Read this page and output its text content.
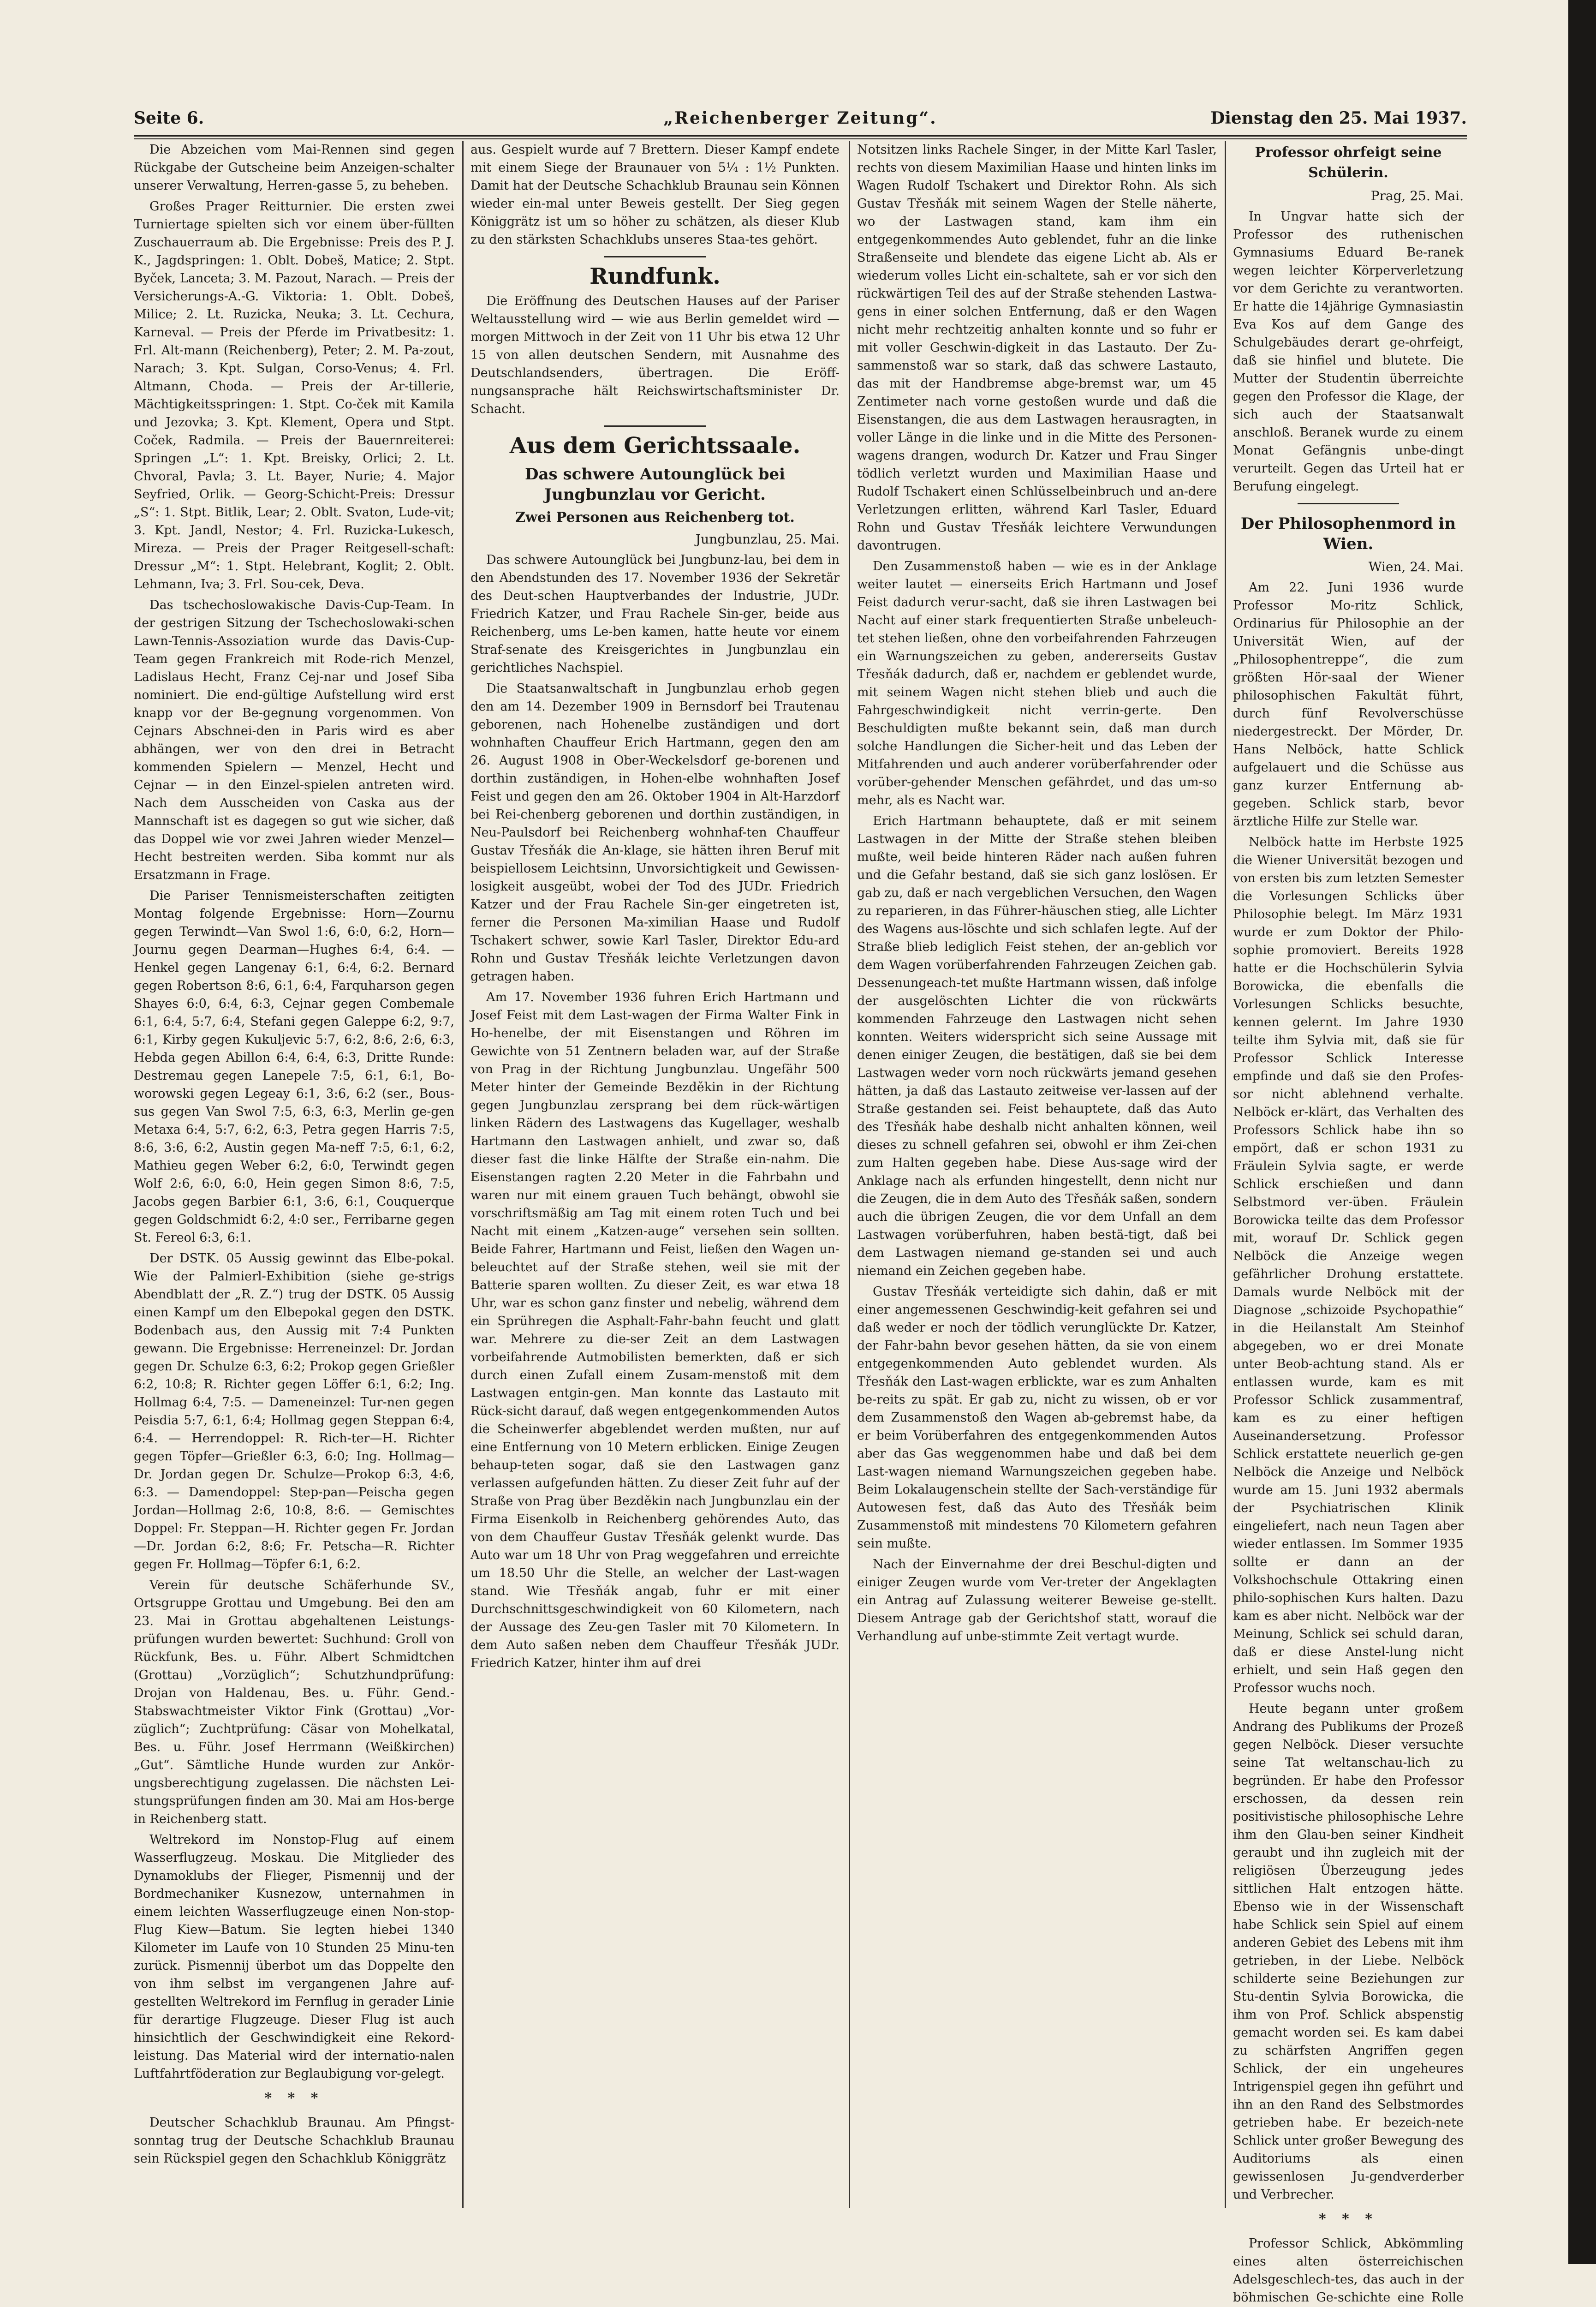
Seite 6.	„Reichenberger Zeitung“.	Dienstag den 25. Mai 1937.

Die Abzeichen vom Mai-Rennen sind gegen Rückgabe der Gutscheine beim Anzeigen-schalter unserer Verwaltung, Herren-gasse 5, zu beheben.

Großes Prager Reitturnier. Die ersten zwei Turniertage spielten sich vor einem über-füllten Zuschauerraum ab. Die Ergebnisse: Preis des P. J. K., Jagdspringen: 1. Oblt. Dobeš, Matice; 2. Stpt. Byček, Lanceta; 3. M. Pazout, Narach. — Preis der Versicherungs-A.-G. Viktoria: 1. Oblt. Dobeš, Milice; 2. Lt. Ruzicka, Neuka; 3. Lt. Cechura, Karneval. — Preis der Pferde im Privatbesitz: 1. Frl. Alt-mann (Reichenberg), Peter; 2. M. Pa-zout, Narach; 3. Kpt. Sulgan, Corso-Venus; 4. Frl. Altmann, Choda. — Preis der Ar-tillerie, Mächtigkeitsspringen: 1. Stpt. Co-ček mit Kamila und Jezovka; 3. Kpt. Klement, Opera und Stpt. Coček, Radmila. — Preis der Bauernreiterei: Springen „L“: 1. Kpt. Breisky, Orlici; 2. Lt. Chvoral, Pavla; 3. Lt. Bayer, Nurie; 4. Major Seyfried, Orlik. — Georg-Schicht-Preis: Dressur „S“: 1. Stpt. Bitlik, Lear; 2. Oblt. Svaton, Lude-vit; 3. Kpt. Jandl, Nestor; 4. Frl. Ruzicka-Lukesch, Mireza. — Preis der Prager Reitgesell-schaft: Dressur „M“: 1. Stpt. Helebrant, Koglit; 2. Oblt. Lehmann, Iva; 3. Frl. Sou-cek, Deva.

Das tschechoslowakische Davis-Cup-Team. In der gestrigen Sitzung der Tschechoslowaki-schen Lawn-Tennis-Assoziation wurde das Davis-Cup-Team gegen Frankreich mit Rode-rich Menzel, Ladislaus Hecht, Franz Cej-nar und Josef Siba nominiert. Die end-gültige Aufstellung wird erst knapp vor der Be-gegnung vorgenommen. Von Cejnars Abschnei-den in Paris wird es aber abhängen, wer von den drei in Betracht kommenden Spielern — Menzel, Hecht und Cejnar — in den Einzel-spielen antreten wird. Nach dem Ausscheiden von Caska aus der Mannschaft ist es dagegen so gut wie sicher, daß das Doppel wie vor zwei Jahren wieder Menzel—Hecht bestreiten werden. Siba kommt nur als Ersatzmann in Frage.

Die Pariser Tennismeisterschaften zeitigten Montag folgende Ergebnisse: Horn—Zournu gegen Terwindt—Van Swol 1:6, 6:0, 6:2, Horn—Journu gegen Dearman—Hughes 6:4, 6:4. — Henkel gegen Langenay 6:1, 6:4, 6:2. Bernard gegen Robertson 8:6, 6:1, 6:4, Farquharson gegen Shayes 6:0, 6:4, 6:3, Cejnar gegen Combemale 6:1, 6:4, 5:7, 6:4, Stefani gegen Galeppe 6:2, 9:7, 6:1, Kirby gegen Kukuljevic 5:7, 6:2, 8:6, 2:6, 6:3, Hebda gegen Abillon 6:4, 6:4, 6:3, Dritte Runde: Destremau gegen Lanepele 7:5, 6:1, 6:1, Bo-worowski gegen Legeay 6:1, 3:6, 6:2 (ser., Bous-sus gegen Van Swol 7:5, 6:3, 6:3, Merlin ge-gen Metaxa 6:4, 5:7, 6:2, 6:3, Petra gegen Harris 7:5, 8:6, 3:6, 6:2, Austin gegen Ma-neff 7:5, 6:1, 6:2, Mathieu gegen Weber 6:2, 6:0, Terwindt gegen Wolf 2:6, 6:0, 6:0, Hein gegen Simon 8:6, 7:5, Jacobs gegen Barbier 6:1, 3:6, 6:1, Couquerque gegen Goldschmidt 6:2, 4:0 ser., Ferribarne gegen St. Fereol 6:3, 6:1.

Der DSTK. 05 Aussig gewinnt das Elbe-pokal. Wie der Palmierl-Exhibition (siehe ge-strigs Abendblatt der „R. Z.“) trug der DSTK. 05 Aussig einen Kampf um den Elbepokal gegen den DSTK. Bodenbach aus, den Aussig mit 7:4 Punkten gewann. Die Ergebnisse: Herreneinzel: Dr. Jordan gegen Dr. Schulze 6:3, 6:2; Prokop gegen Grießler 6:2, 10:8; R. Richter gegen Löffer 6:1, 6:2; Ing. Hollmag 6:4, 7:5. — Dameneinzel: Tur-nen gegen Peisdia 5:7, 6:1, 6:4; Hollmag gegen Steppan 6:4, 6:4. — Herrendoppel: R. Rich-ter—H. Richter gegen Töpfer—Grießler 6:3, 6:0; Ing. Hollmag—Dr. Jordan gegen Dr. Schulze—Prokop 6:3, 4:6, 6:3. — Damendoppel: Step-pan—Peischa gegen Jordan—Hollmag 2:6, 10:8, 8:6. — Gemischtes Doppel: Fr. Steppan—H. Richter gegen Fr. Jordan—Dr. Jordan 6:2, 8:6; Fr. Petscha—R. Richter gegen Fr. Hollmag—Töpfer 6:1, 6:2.

Verein für deutsche Schäferhunde SV., Ortsgruppe Grottau und Umgebung. Bei den am 23. Mai in Grottau abgehaltenen Leistungs-prüfungen wurden bewertet: Suchhund: Groll von Rückfunk, Bes. u. Führ. Albert Schmidtchen (Grottau) „Vorzüglich“; Schutzhundprüfung: Drojan von Haldenau, Bes. u. Führ. Gend.-Stabswachtmeister Viktor Fink (Grottau) „Vor-züglich“; Zuchtprüfung: Cäsar von Mohelkatal, Bes. u. Führ. Josef Herrmann (Weißkirchen) „Gut“. Sämtliche Hunde wurden zur Ankör-ungsberechtigung zugelassen. Die nächsten Lei-stungsprüfungen finden am 30. Mai am Hos-berge in Reichenberg statt.

Weltrekord im Nonstop-Flug auf einem Wasserflugzeug. Moskau. Die Mitglieder des Dynamoklubs der Flieger, Pismennij und der Bordmechaniker Kusnezow, unternahmen in einem leichten Wasserflugzeuge einen Non-stop-Flug Kiew—Batum. Sie legten hiebei 1340 Kilometer im Laufe von 10 Stunden 25 Minu-ten zurück. Pismennij überbot um das Doppelte den von ihm selbst im vergangenen Jahre auf-gestellten Weltrekord im Fernflug in gerader Linie für derartige Flugzeuge. Dieser Flug ist auch hinsichtlich der Geschwindigkeit eine Rekord-leistung. Das Material wird der internatio-nalen Luftfahrtföderation zur Beglaubigung vor-gelegt.

* * *

Deutscher Schachklub Braunau. Am Pfingst-sonntag trug der Deutsche Schachklub Braunau sein Rückspiel gegen den Schachklub Königgrätz

aus. Gespielt wurde auf 7 Brettern. Dieser Kampf endete mit einem Siege der Braunauer von 5¼ : 1½ Punkten. Damit hat der Deutsche Schachklub Braunau sein Können wieder ein-mal unter Beweis gestellt. Der Sieg gegen Königgrätz ist um so höher zu schätzen, als dieser Klub zu den stärksten Schachklubs unseres Staa-tes gehört.

Rundfunk.

Die Eröffnung des Deutschen Hauses auf der Pariser Weltausstellung wird — wie aus Berlin gemeldet wird — morgen Mittwoch in der Zeit von 11 Uhr bis etwa 12 Uhr 15 von allen deutschen Sendern, mit Ausnahme des Deutschlandsenders, übertragen. Die Eröff-nungsansprache hält Reichswirtschaftsminister Dr. Schacht.

Aus dem Gerichtssaale.
Das schwere Autounglück bei Jungbunzlau vor Gericht.
Zwei Personen aus Reichenberg tot.
Jungbunzlau, 25. Mai.

Das schwere Autounglück bei Jungbunz-lau, bei dem in den Abendstunden des 17. November 1936 der Sekretär des Deut-schen Hauptverbandes der Industrie, JUDr. Friedrich Katzer, und Frau Rachele Sin-ger, beide aus Reichenberg, ums Le-ben kamen, hatte heute vor einem Straf-senate des Kreisgerichtes in Jungbunzlau ein gerichtliches Nachspiel.

Die Staatsanwaltschaft in Jungbunzlau erhob gegen den am 14. Dezember 1909 in Bernsdorf bei Trautenau geborenen, nach Hohenelbe zuständigen und dort wohnhaften Chauffeur Erich Hartmann, gegen den am 26. August 1908 in Ober-Weckelsdorf ge-borenen und dorthin zuständigen, in Hohen-elbe wohnhaften Josef Feist und gegen den am 26. Oktober 1904 in Alt-Harzdorf bei Rei-chenberg geborenen und dorthin zuständigen, in Neu-Paulsdorf bei Reichenberg wohnhaf-ten Chauffeur Gustav Třesňák die An-klage, sie hätten ihren Beruf mit beispiellosem Leichtsinn, Unvorsichtigkeit und Gewissen-losigkeit ausgeübt, wobei der Tod des JUDr. Friedrich Katzer und der Frau Rachele Sin-ger eingetreten ist, ferner die Personen Ma-ximilian Haase und Rudolf Tschakert schwer, sowie Karl Tasler, Direktor Edu-ard Rohn und Gustav Třesňák leichte Verletzungen davon getragen haben.

Am 17. November 1936 fuhren Erich Hartmann und Josef Feist mit dem Last-wagen der Firma Walter Fink in Ho-henelbe, der mit Eisenstangen und Röhren im Gewichte von 51 Zentnern beladen war, auf der Straße von Prag in der Richtung Jungbunzlau. Ungefähr 500 Meter hinter der Gemeinde Bezděkin in der Richtung gegen Jungbunzlau zersprang bei dem rück-wärtigen linken Rädern des Lastwagens das Kugellager, weshalb Hartmann den Lastwagen anhielt, und zwar so, daß dieser fast die linke Hälfte der Straße ein-nahm. Die Eisenstangen ragten 2.20 Meter in die Fahrbahn und waren nur mit einem grauen Tuch behängt, obwohl sie vorschriftsmäßig am Tag mit einem roten Tuch und bei Nacht mit einem „Katzen-auge“ versehen sein sollten. Beide Fahrer, Hartmann und Feist, ließen den Wagen un-beleuchtet auf der Straße stehen, weil sie mit der Batterie sparen wollten. Zu dieser Zeit, es war etwa 18 Uhr, war es schon ganz finster und nebelig, während dem ein Sprühregen die Asphalt-Fahr-bahn feucht und glatt war. Mehrere zu die-ser Zeit an dem Lastwagen vorbeifahrende Autmobilisten bemerkten, daß er sich durch einen Zufall einem Zusam-menstoß mit dem Lastwagen entgin-gen. Man konnte das Lastauto mit Rück-sicht darauf, daß wegen entgegenkommenden Autos die Scheinwerfer abgeblendet werden mußten, nur auf eine Entfernung von 10 Metern erblicken. Einige Zeugen behaup-teten sogar, daß sie den Lastwagen ganz verlassen aufgefunden hätten. Zu dieser Zeit fuhr auf der Straße von Prag über Bezděkin nach Jungbunzlau ein der Firma Eisenkolb in Reichenberg gehörendes Auto, das von dem Chauffeur Gustav Třesňák gelenkt wurde. Das Auto war um 18 Uhr von Prag weggefahren und erreichte um 18.50 Uhr die Stelle, an welcher der Last-wagen stand. Wie Třesňák angab, fuhr er mit einer Durchschnittsgeschwindigkeit von 60 Kilometern, nach der Aussage des Zeu-gen Tasler mit 70 Kilometern. In dem Auto saßen neben dem Chauffeur Třesňák JUDr. Friedrich Katzer, hinter ihm auf drei

Notsitzen links Rachele Singer, in der Mitte Karl Tasler, rechts von diesem Maximilian Haase und hinten links im Wagen Rudolf Tschakert und Direktor Rohn. Als sich Gustav Třesňák mit seinem Wagen der Stelle näherte, wo der Lastwagen stand, kam ihm ein entgegenkommendes Auto geblendet, fuhr an die linke Straßenseite und blendete das eigene Licht ab. Als er wiederum volles Licht ein-schaltete, sah er vor sich den rückwärtigen Teil des auf der Straße stehenden Lastwa-gens in einer solchen Entfernung, daß er den Wagen nicht mehr rechtzeitig anhalten konnte und so fuhr er mit voller Geschwin-digkeit in das Lastauto. Der Zu-sammenstoß war so stark, daß das schwere Lastauto, das mit der Handbremse abge-bremst war, um 45 Zentimeter nach vorne gestoßen wurde und daß die Eisenstangen, die aus dem Lastwagen herausragten, in voller Länge in die linke und in die Mitte des Personen-wagens drangen, wodurch Dr. Katzer und Frau Singer tödlich verletzt wurden und Maximilian Haase und Rudolf Tschakert einen Schlüsselbeinbruch und an-dere Verletzungen erlitten, während Karl Tasler, Eduard Rohn und Gustav Třesňák leichtere Verwundungen davontrugen.

Den Zusammenstoß haben — wie es in der Anklage weiter lautet — einerseits Erich Hartmann und Josef Feist dadurch verur-sacht, daß sie ihren Lastwagen bei Nacht auf einer stark frequentierten Straße unbeleuch-tet stehen ließen, ohne den vorbeifahrenden Fahrzeugen ein Warnungszeichen zu geben, andererseits Gustav Třesňák dadurch, daß er, nachdem er geblendet wurde, mit seinem Wagen nicht stehen blieb und auch die Fahrgeschwindigkeit nicht verrin-gerte. Den Beschuldigten mußte bekannt sein, daß man durch solche Handlungen die Sicher-heit und das Leben der Mitfahrenden und auch anderer vorüberfahrender oder vorüber-gehender Menschen gefährdet, und das um-so mehr, als es Nacht war.

Erich Hartmann behauptete, daß er mit seinem Lastwagen in der Mitte der Straße stehen bleiben mußte, weil beide hinteren Räder nach außen fuhren und die Gefahr bestand, daß sie sich ganz loslösen. Er gab zu, daß er nach vergeblichen Versuchen, den Wagen zu reparieren, in das Führer-häuschen stieg, alle Lichter des Wagens aus-löschte und sich schlafen legte. Auf der Straße blieb lediglich Feist stehen, der an-geblich vor dem Wagen vorüberfahrenden Fahrzeugen Zeichen gab. Dessenungeach-tet mußte Hartmann wissen, daß infolge der ausgelöschten Lichter die von rückwärts kommenden Fahrzeuge den Lastwagen nicht sehen konnten. Weiters widerspricht sich seine Aussage mit denen einiger Zeugen, die bestätigen, daß sie bei dem Lastwagen weder vorn noch rückwärts jemand gesehen hätten, ja daß das Lastauto zeitweise ver-lassen auf der Straße gestanden sei. Feist behauptete, daß das Auto des Třesňák habe deshalb nicht anhalten können, weil dieses zu schnell gefahren sei, obwohl er ihm Zei-chen zum Halten gegeben habe. Diese Aus-sage wird der Anklage nach als erfunden hingestellt, denn nicht nur die Zeugen, die in dem Auto des Třesňák saßen, sondern auch die übrigen Zeugen, die vor dem Unfall an dem Lastwagen vorüberfuhren, haben bestä-tigt, daß bei dem Lastwagen niemand ge-standen sei und auch niemand ein Zeichen gegeben habe.

Gustav Třesňák verteidigte sich dahin, daß er mit einer angemessenen Geschwindig-keit gefahren sei und daß weder er noch der tödlich verunglückte Dr. Katzer, der Fahr-bahn bevor gesehen hätten, da sie von einem entgegenkommenden Auto geblendet wurden. Als Třesňák den Last-wagen erblickte, war es zum Anhalten be-reits zu spät. Er gab zu, nicht zu wissen, ob er vor dem Zusammenstoß den Wagen ab-gebremst habe, da er beim Vorüberfahren des entgegenkommenden Autos aber das Gas weggenommen habe und daß bei dem Last-wagen niemand Warnungszeichen gegeben habe. Beim Lokalaugenschein stellte der Sach-verständige für Autowesen fest, daß das Auto des Třesňák beim Zusammenstoß mit mindestens 70 Kilometern gefahren sein mußte.

Nach der Einvernahme der drei Beschul-digten und einiger Zeugen wurde vom Ver-treter der Angeklagten ein Antrag auf Zulassung weiterer Beweise ge-stellt. Diesem Antrage gab der Gerichtshof statt, worauf die Verhandlung auf unbe-stimmte Zeit vertagt wurde.

Professor ohrfeigt seine Schülerin.
Prag, 25. Mai.

In Ungvar hatte sich der Professor des ruthenischen Gymnasiums Eduard Be-ranek wegen leichter Körperverletzung vor dem Gerichte zu verantworten. Er hatte die 14jährige Gymnasiastin Eva Kos auf dem Gange des Schulgebäudes derart ge-ohrfeigt, daß sie hinfiel und blutete. Die Mutter der Studentin überreichte gegen den Professor die Klage, der sich auch der Staatsanwalt anschloß. Beranek wurde zu einem Monat Gefängnis unbe-dingt verurteilt. Gegen das Urteil hat er Berufung eingelegt.

Der Philosophenmord in Wien.
Wien, 24. Mai.

Am 22. Juni 1936 wurde Professor Mo-ritz Schlick, Ordinarius für Philosophie an der Universität Wien, auf der „Philosophentreppe“, die zum größten Hör-saal der Wiener philosophischen Fakultät führt, durch fünf Revolverschüsse niedergestreckt. Der Mörder, Dr. Hans Nelböck, hatte Schlick aufgelauert und die Schüsse aus ganz kurzer Entfernung ab-gegeben. Schlick starb, bevor ärztliche Hilfe zur Stelle war.

Nelböck hatte im Herbste 1925 die Wiener Universität bezogen und von ersten bis zum letzten Semester die Vorlesungen Schlicks über Philosophie belegt. Im März 1931 wurde er zum Doktor der Philo-sophie promoviert. Bereits 1928 hatte er die Hochschülerin Sylvia Borowicka, die ebenfalls die Vorlesungen Schlicks besuchte, kennen gelernt. Im Jahre 1930 teilte ihm Sylvia mit, daß sie für Professor Schlick Interesse empfinde und daß sie den Profes-sor nicht ablehnend verhalte. Nelböck er-klärt, das Verhalten des Professors Schlick habe ihn so empört, daß er schon 1931 zu Fräulein Sylvia sagte, er werde Schlick erschießen und dann Selbstmord ver-üben. Fräulein Borowicka teilte das dem Professor mit, worauf Dr. Schlick gegen Nelböck die Anzeige wegen gefährlicher Drohung erstattete. Damals wurde Nelböck mit der Diagnose „schizoide Psychopathie“ in die Heilanstalt Am Steinhof abgegeben, wo er drei Monate unter Beob-achtung stand. Als er entlassen wurde, kam es mit Professor Schlick zusammentraf, kam es zu einer heftigen Auseinandersetzung. Professor Schlick erstattete neuerlich ge-gen Nelböck die Anzeige und Nelböck wurde am 15. Juni 1932 abermals der Psychiatrischen Klinik eingeliefert, nach neun Tagen aber wieder entlassen. Im Sommer 1935 sollte er dann an der Volkshochschule Ottakring einen philo-sophischen Kurs halten. Dazu kam es aber nicht. Nelböck war der Meinung, Schlick sei schuld daran, daß er diese Anstel-lung nicht erhielt, und sein Haß gegen den Professor wuchs noch.

Heute begann unter großem Andrang des Publikums der Prozeß gegen Nelböck. Dieser versuchte seine Tat weltanschau-lich zu begründen. Er habe den Professor erschossen, da dessen rein positivistische philosophische Lehre ihm den Glau-ben seiner Kindheit geraubt und ihn zugleich mit der religiösen Überzeugung jedes sittlichen Halt entzogen hätte. Ebenso wie in der Wissenschaft habe Schlick sein Spiel auf einem anderen Gebiet des Lebens mit ihm getrieben, in der Liebe. Nelböck schilderte seine Beziehungen zur Stu-dentin Sylvia Borowicka, die ihm von Prof. Schlick abspenstig gemacht worden sei. Es kam dabei zu schärfsten Angriffen gegen Schlick, der ein ungeheures Intrigenspiel gegen ihn geführt und ihn an den Rand des Selbstmordes getrieben habe. Er bezeich-nete Schlick unter großer Bewegung des Auditoriums als einen gewissenlosen Ju-gendverderber und Verbrecher.

* * *

Professor Schlick, Abkömmling eines alten österreichischen Adelsgeschlech-tes, das auch in der böhmischen Ge-schichte eine Rolle
